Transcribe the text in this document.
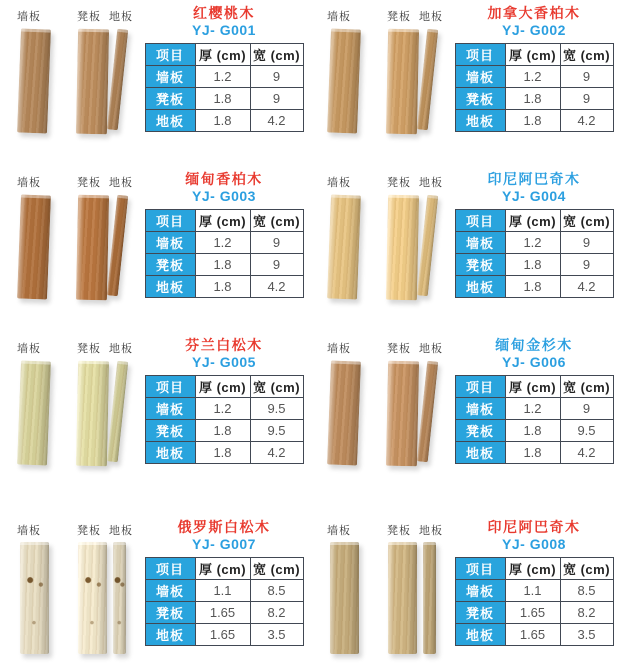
墙板	凳板 地板	红樱桃木
YJ- G001
项目	厚 (cm)	宽 (cm)
墙板	1.2	9
凳板	1.8	9
地板	1.8	4.2
墙板	凳板 地板	加拿大香柏木
YJ- G002
项目	厚 (cm)	宽 (cm)
墙板	1.2	9
凳板	1.8	9
地板	1.8	4.2
墙板	凳板 地板	缅甸香柏木
YJ- G003
项目	厚 (cm)	宽 (cm)
墙板	1.2	9
凳板	1.8	9
地板	1.8	4.2
墙板	凳板 地板	印尼阿巴奇木
YJ- G004
项目	厚 (cm)	宽 (cm)
墙板	1.2	9
凳板	1.8	9
地板	1.8	4.2
墙板	凳板 地板	芬兰白松木
YJ- G005
项目	厚 (cm)	宽 (cm)
墙板	1.2	9.5
凳板	1.8	9.5
地板	1.8	4.2
墙板	凳板 地板	缅甸金杉木
YJ- G006
项目	厚 (cm)	宽 (cm)
墙板	1.2	9
凳板	1.8	9.5
地板	1.8	4.2
墙板	凳板 地板	俄罗斯白松木
YJ- G007
项目	厚 (cm)	宽 (cm)
墙板	1.1	8.5
凳板	1.65	8.2
地板	1.65	3.5
墙板	凳板 地板	印尼阿巴奇木
YJ- G008
项目	厚 (cm)	宽 (cm)
墙板	1.1	8.5
凳板	1.65	8.2
地板	1.65	3.5
